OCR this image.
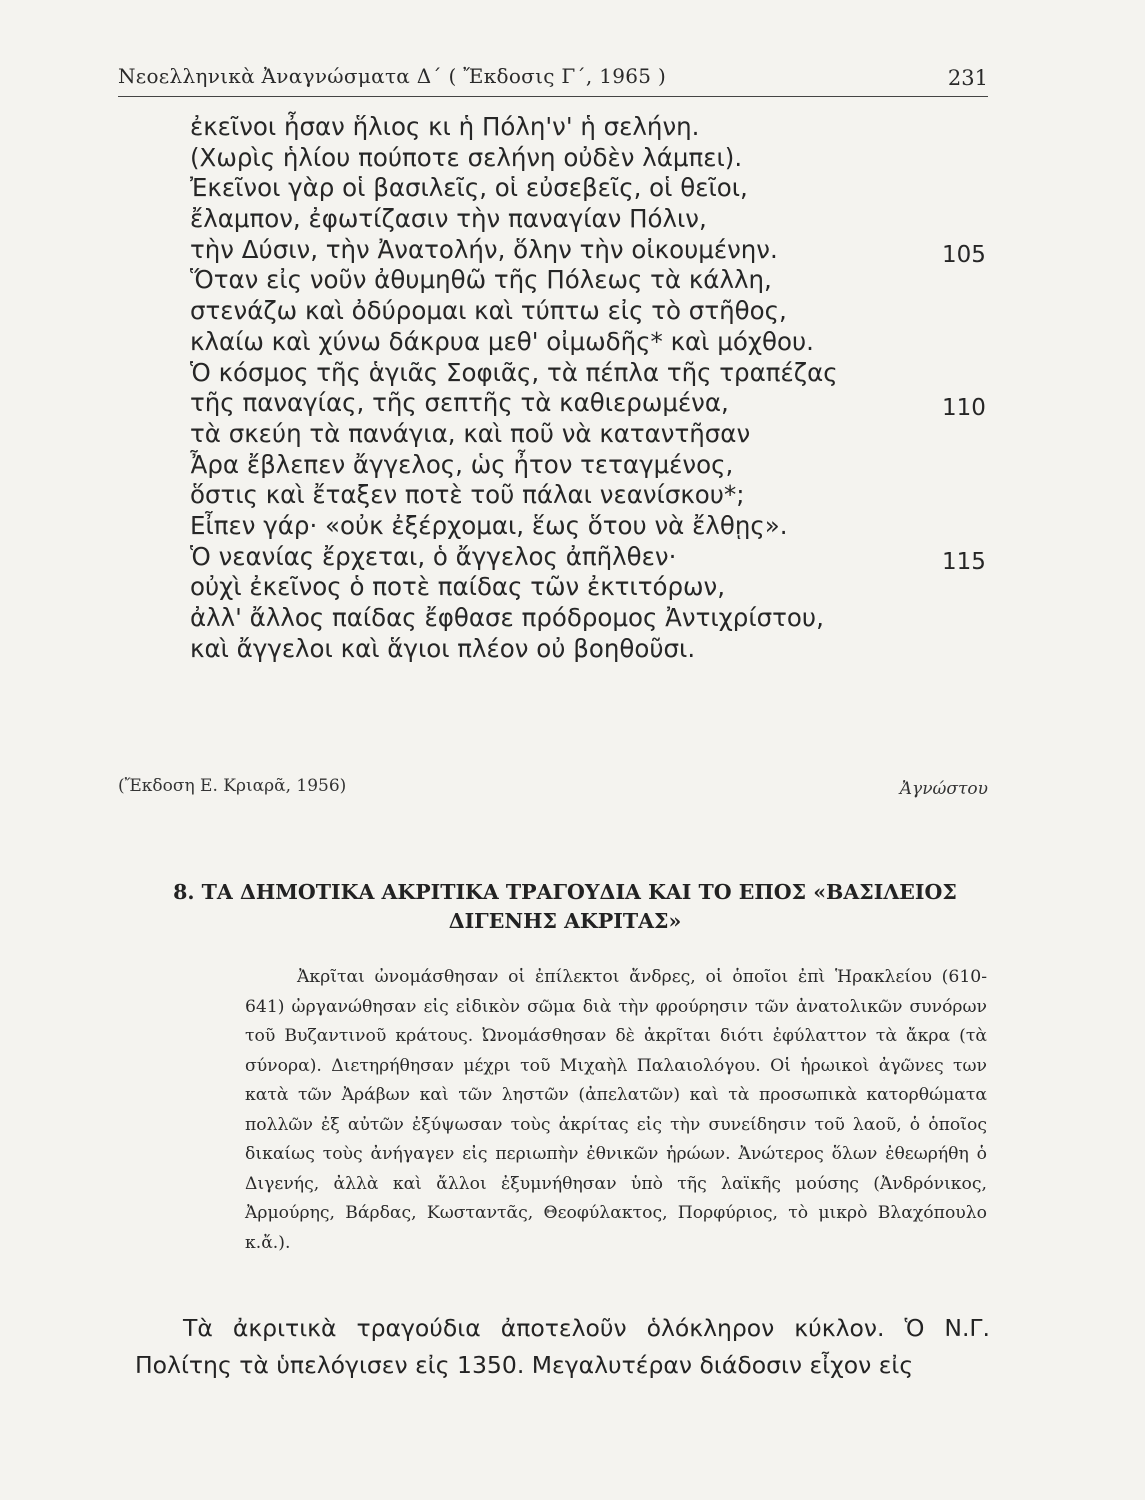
Νεοελληνικὰ Ἀναγνώσματα Δ΄ ( Ἔκδοσις Γ΄, 1965 )	231
ἐκεῖνοι ἦσαν ἥλιος κι ἡ Πόλη'ν' ἡ σελήνη.
(Χωρὶς ἡλίου πούποτε σελήνη οὐδὲν λάμπει).
Ἐκεῖνοι γὰρ οἱ βασιλεῖς, οἱ εὐσεβεῖς, οἱ θεῖοι,
ἔλαμπον, ἐφωτίζασιν τὴν παναγίαν Πόλιν,
τὴν Δύσιν, τὴν Ἀνατολήν, ὅλην τὴν οἰκουμένην.	105
Ὅταν εἰς νοῦν ἀθυμηθῶ τῆς Πόλεως τὰ κάλλη,
στενάζω καὶ ὀδύρομαι καὶ τύπτω εἰς τὸ στῆθος,
κλαίω καὶ χύνω δάκρυα μεθ' οἰμωδῆς* καὶ μόχθου.
Ὁ κόσμος τῆς ἁγιᾶς Σοφιᾶς, τὰ πέπλα τῆς τραπέζας
τῆς παναγίας, τῆς σεπτῆς τὰ καθιερωμένα,	110
τὰ σκεύη τὰ πανάγια, καὶ ποῦ νὰ καταντῆσαν
Ἆρα ἔβλεπεν ἄγγελος, ὡς ἦτον τεταγμένος,
ὅστις καὶ ἔταξεν ποτὲ τοῦ πάλαι νεανίσκου*;
Εἶπεν γάρ· «οὐκ ἐξέρχομαι, ἕως ὅτου νὰ ἔλθῃς».
Ὁ νεανίας ἔρχεται, ὁ ἄγγελος ἀπῆλθεν·	115
οὐχὶ ἐκεῖνος ὁ ποτὲ παίδας τῶν ἐκτιτόρων,
ἀλλ' ἄλλος παίδας ἔφθασε πρόδρομος Ἀντιχρίστου,
καὶ ἄγγελοι καὶ ἅγιοι πλέον οὐ βοηθοῦσι.
(Ἔκδοση Ε. Κριαρᾶ, 1956)	Ἀγνώστου
8. ΤΑ ΔΗΜΟΤΙΚΑ ΑΚΡΙΤΙΚΑ ΤΡΑΓΟΥΔΙΑ ΚΑΙ ΤΟ ΕΠΟΣ «ΒΑΣΙΛΕΙΟΣ
ΔΙΓΕΝΗΣ ΑΚΡΙΤΑΣ»
Ἀκρῖται ὠνομάσθησαν οἱ ἐπίλεκτοι ἄνδρες, οἱ ὁποῖοι ἐπὶ Ἡρακλείου (610-641) ὠργανώθησαν εἰς εἰδικὸν σῶμα διὰ τὴν φρούρησιν τῶν ἀνατολικῶν συνόρων τοῦ Βυζαντινοῦ κράτους. Ὠνομάσθησαν δὲ ἀκρῖται διότι ἐφύλαττον τὰ ἄκρα (τὰ σύνορα). Διετηρήθησαν μέχρι τοῦ Μιχαὴλ Παλαιολόγου. Οἱ ἡρωικοὶ ἀγῶνες των κατὰ τῶν Ἀράβων καὶ τῶν ληστῶν (ἀπελατῶν) καὶ τὰ προσωπικὰ κατορθώματα πολλῶν ἐξ αὐτῶν ἐξύψωσαν τοὺς ἀκρίτας εἰς τὴν συνείδησιν τοῦ λαοῦ, ὁ ὁποῖος δικαίως τοὺς ἀνήγαγεν εἰς περιωπὴν ἐθνικῶν ἡρώων. Ἀνώτερος ὅλων ἐθεωρήθη ὁ Διγενής, ἀλλὰ καὶ ἄλλοι ἐξυμνήθησαν ὑπὸ τῆς λαϊκῆς μούσης (Ἀνδρόνικος, Ἀρμούρης, Βάρδας, Κωσταντᾶς, Θεοφύλακτος, Πορφύριος, τὸ μικρὸ Βλαχόπουλο κ.ἄ.).
Τὰ ἀκριτικὰ τραγούδια ἀποτελοῦν ὁλόκληρον κύκλον. Ὁ Ν.Γ. Πολίτης τὰ ὑπελόγισεν εἰς 1350. Μεγαλυτέραν διάδοσιν εἶχον εἰς
